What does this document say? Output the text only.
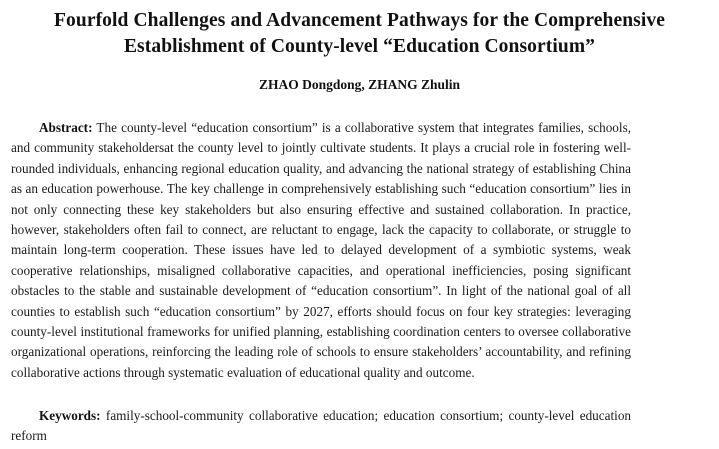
Fourfold Challenges and Advancement Pathways for the Comprehensive
Establishment of County-level “Education Consortium”
ZHAO Dongdong, ZHANG Zhulin

Abstract: The county-level “education consortium” is a collaborative system that integrates families, schools, and community stakeholdersat the county level to jointly cultivate students. It plays a crucial role in fostering well-rounded individuals, enhancing regional education quality, and advancing the national strategy of establishing China as an education powerhouse. The key challenge in comprehensively establishing such “education consortium” lies in not only connecting these key stakeholders but also ensuring effective and sustained collaboration. In practice, however, stakeholders often fail to connect, are reluctant to engage, lack the capacity to collaborate, or struggle to maintain long-term cooperation. These issues have led to delayed development of a symbiotic systems, weak cooperative relationships, misaligned collaborative capacities, and operational inefficiencies, posing significant obstacles to the stable and sustainable development of “education consortium”. In light of the national goal of all counties to establish such “education consortium” by 2027, efforts should focus on four key strategies: leveraging county-level institutional frameworks for unified planning, establishing coordination centers to oversee collaborative organizational operations, reinforcing the leading role of schools to ensure stakeholders’ accountability, and refining collaborative actions through systematic evaluation of educational quality and outcome.

Keywords: family-school-community collaborative education; education consortium; county-level education reform
